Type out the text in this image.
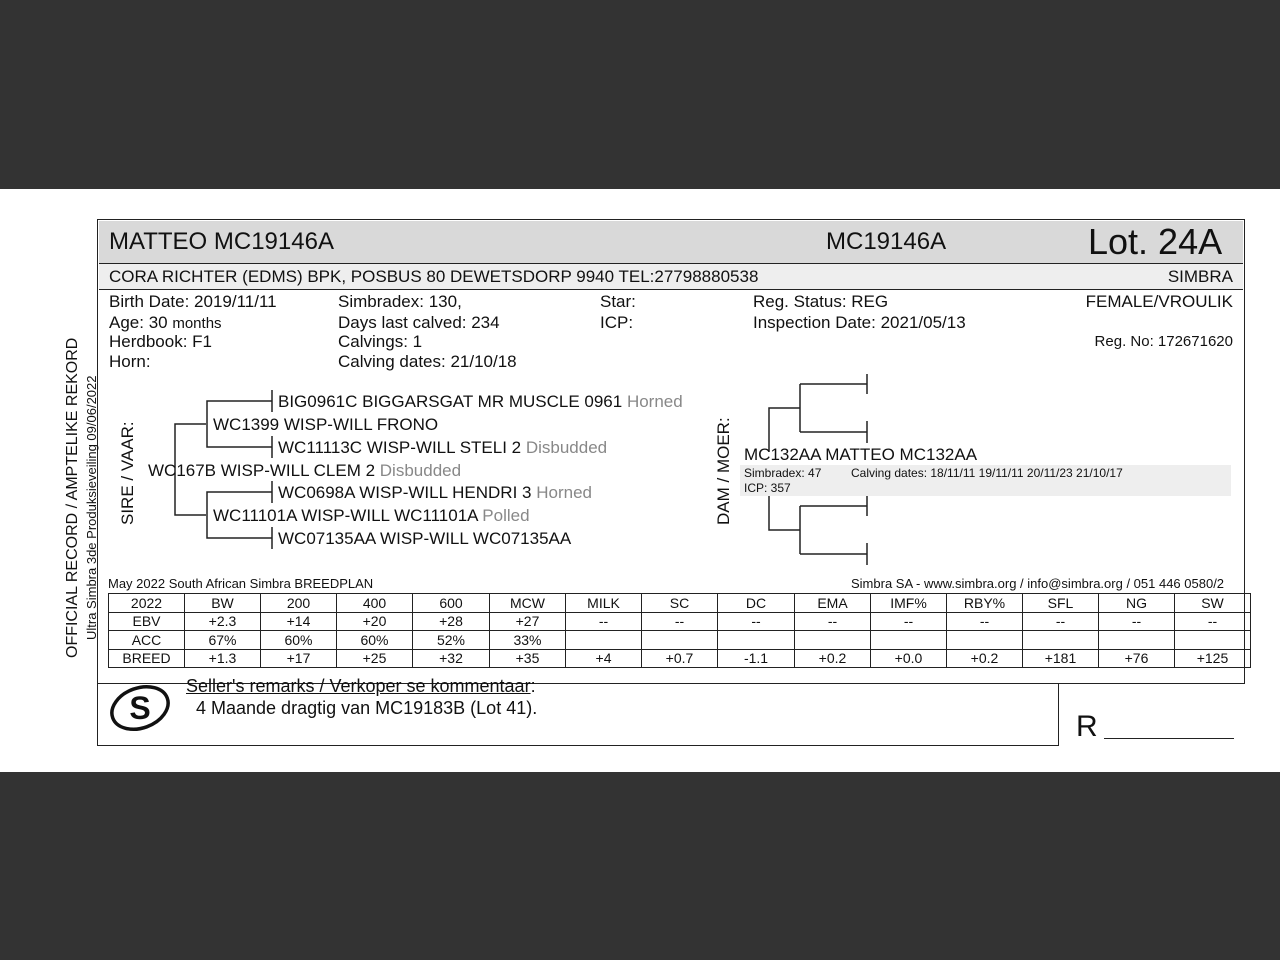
MATTEO MC19146A	MC19146A	Lot. 24A
CORA RICHTER (EDMS) BPK, POSBUS 80 DEWETSDORP 9940 TEL:27798880538	SIMBRA
Birth Date: 2019/11/11
Age: 30 months
Herdbook: F1
Horn:
Simbradex: 130,
Days last calved: 234
Calvings: 1
Calving dates: 21/10/18
Star:
ICP:
Reg. Status: REG
Inspection Date: 2021/05/13
FEMALE/VROULIK
Reg. No: 172671620
OFFICIAL RECORD / AMPTELIKE REKORD Ultra Simbra 3de Produksieveiling 09/06/2022 SIRE / VAAR:	DAM / MOER:
BIG0961C BIGGARSGAT MR MUSCLE 0961 Horned
WC1399 WISP-WILL FRONO
WC11113C WISP-WILL STELI 2 Disbudded
WC167B WISP-WILL CLEM 2 Disbudded
WC0698A WISP-WILL HENDRI 3 Horned
WC11101A WISP-WILL WC11101A Polled
WC07135AA WISP-WILL WC07135AA
MC132AA MATTEO MC132AA
Simbradex: 47 Calving dates: 18/11/11 19/11/11 20/11/23 21/10/17
ICP: 357
May 2022 South African Simbra BREEDPLAN	Simbra SA - www.simbra.org / info@simbra.org / 051 446 0580/2
2022	BW	200	400	600	MCW	MILK	SC	DC	EMA	IMF%	RBY%	SFL	NG	SW
EBV	+2.3	+14	+20	+28	+27	--	--	--	--	--	--	--	--	--
ACC	67%	60%	60%	52%	33%									
BREED	+1.3	+17	+25	+32	+35	+4	+0.7	-1.1	+0.2	+0.0	+0.2	+181	+76	+125
S
Seller's remarks / Verkoper se kommentaar:
4 Maande dragtig van MC19183B (Lot 41).
R
